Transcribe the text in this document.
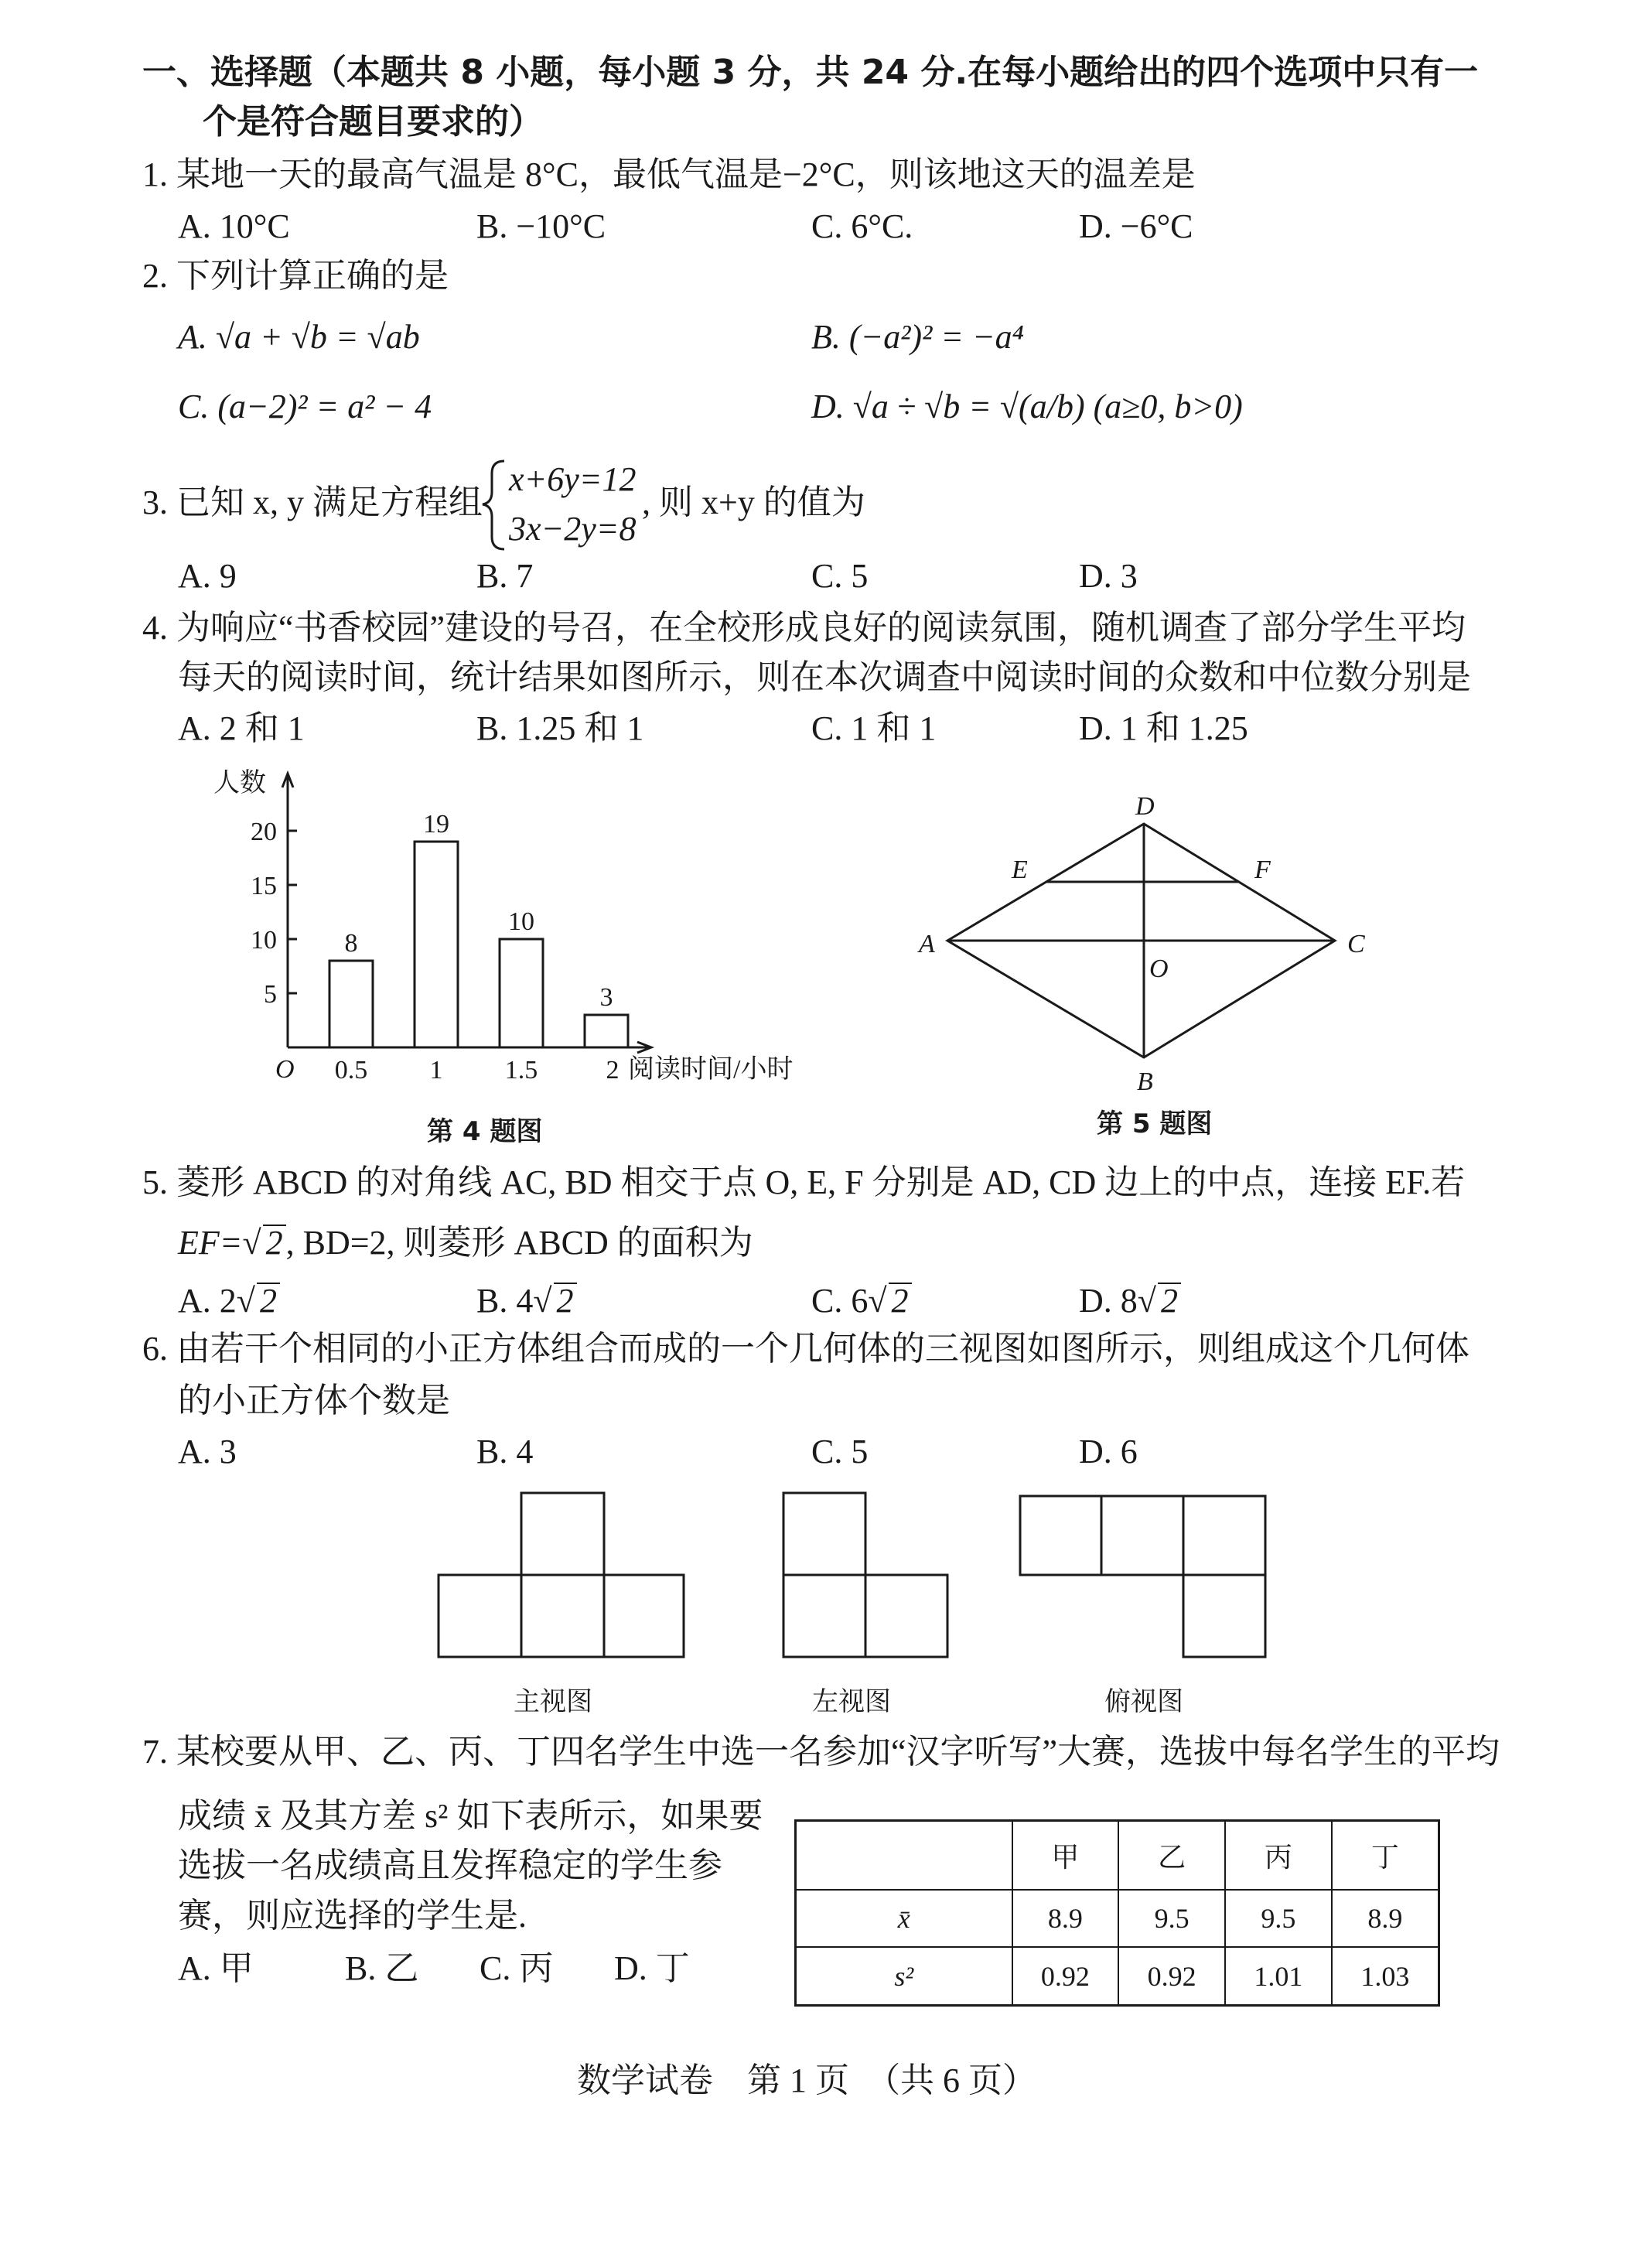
一、选择题（本题共 8 小题，每小题 3 分，共 24 分.在每小题给出的四个选项中只有一
个是符合题目要求的）
1. 某地一天的最高气温是 8°C，最低气温是−2°C，则该地这天的温差是
A. 10°C	B. −10°C	C. 6°C.	D. −6°C
2. 下列计算正确的是
A. √a + √b = √ab	B. (−a²)² = −a⁴
C. (a−2)² = a² − 4	D. √a ÷ √b = √(a/b) (a≥0, b>0)
3. 已知 x, y 满足方程组
x+6y=12
3x−2y=8
, 则 x+y 的值为
A. 9	B. 7	C. 5	D. 3
4. 为响应“书香校园”建设的号召，在全校形成良好的阅读氛围，随机调查了部分学生平均
每天的阅读时间，统计结果如图所示，则在本次调查中阅读时间的众数和中位数分别是
A. 2 和 1	B. 1.25 和 1	C. 1 和 1	D. 1 和 1.25
5
10
15
20
8
0.5
19
1
10
1.5
3
2
人数
O	阅读时间/小时
第 4 题图
A
B
C
D
E	F
O
第 5 题图
5. 菱形 ABCD 的对角线 AC, BD 相交于点 O, E, F 分别是 AD, CD 边上的中点，连接 EF.若
EF=√ 2, BD=2, 则菱形 ABCD 的面积为
A. 2√ 2	B. 4√ 2	C. 6√ 2	D. 8√ 2
6. 由若干个相同的小正方体组合而成的一个几何体的三视图如图所示，则组成这个几何体
的小正方体个数是
A. 3	B. 4	C. 5	D. 6
主视图	左视图	俯视图
7. 某校要从甲、乙、丙、丁四名学生中选一名参加“汉字听写”大赛，选拔中每名学生的平均
成绩 x̄ 及其方差 s² 如下表所示，如果要
选拔一名成绩高且发挥稳定的学生参
赛，则应选择的学生是.
A. 甲	B. 乙 C. 丙 D. 丁
	甲	乙	丙	丁
x̄	8.9	9.5	9.5	8.9
s²	0.92	0.92	1.01	1.03
数学试卷　第 1 页　（共 6 页）
